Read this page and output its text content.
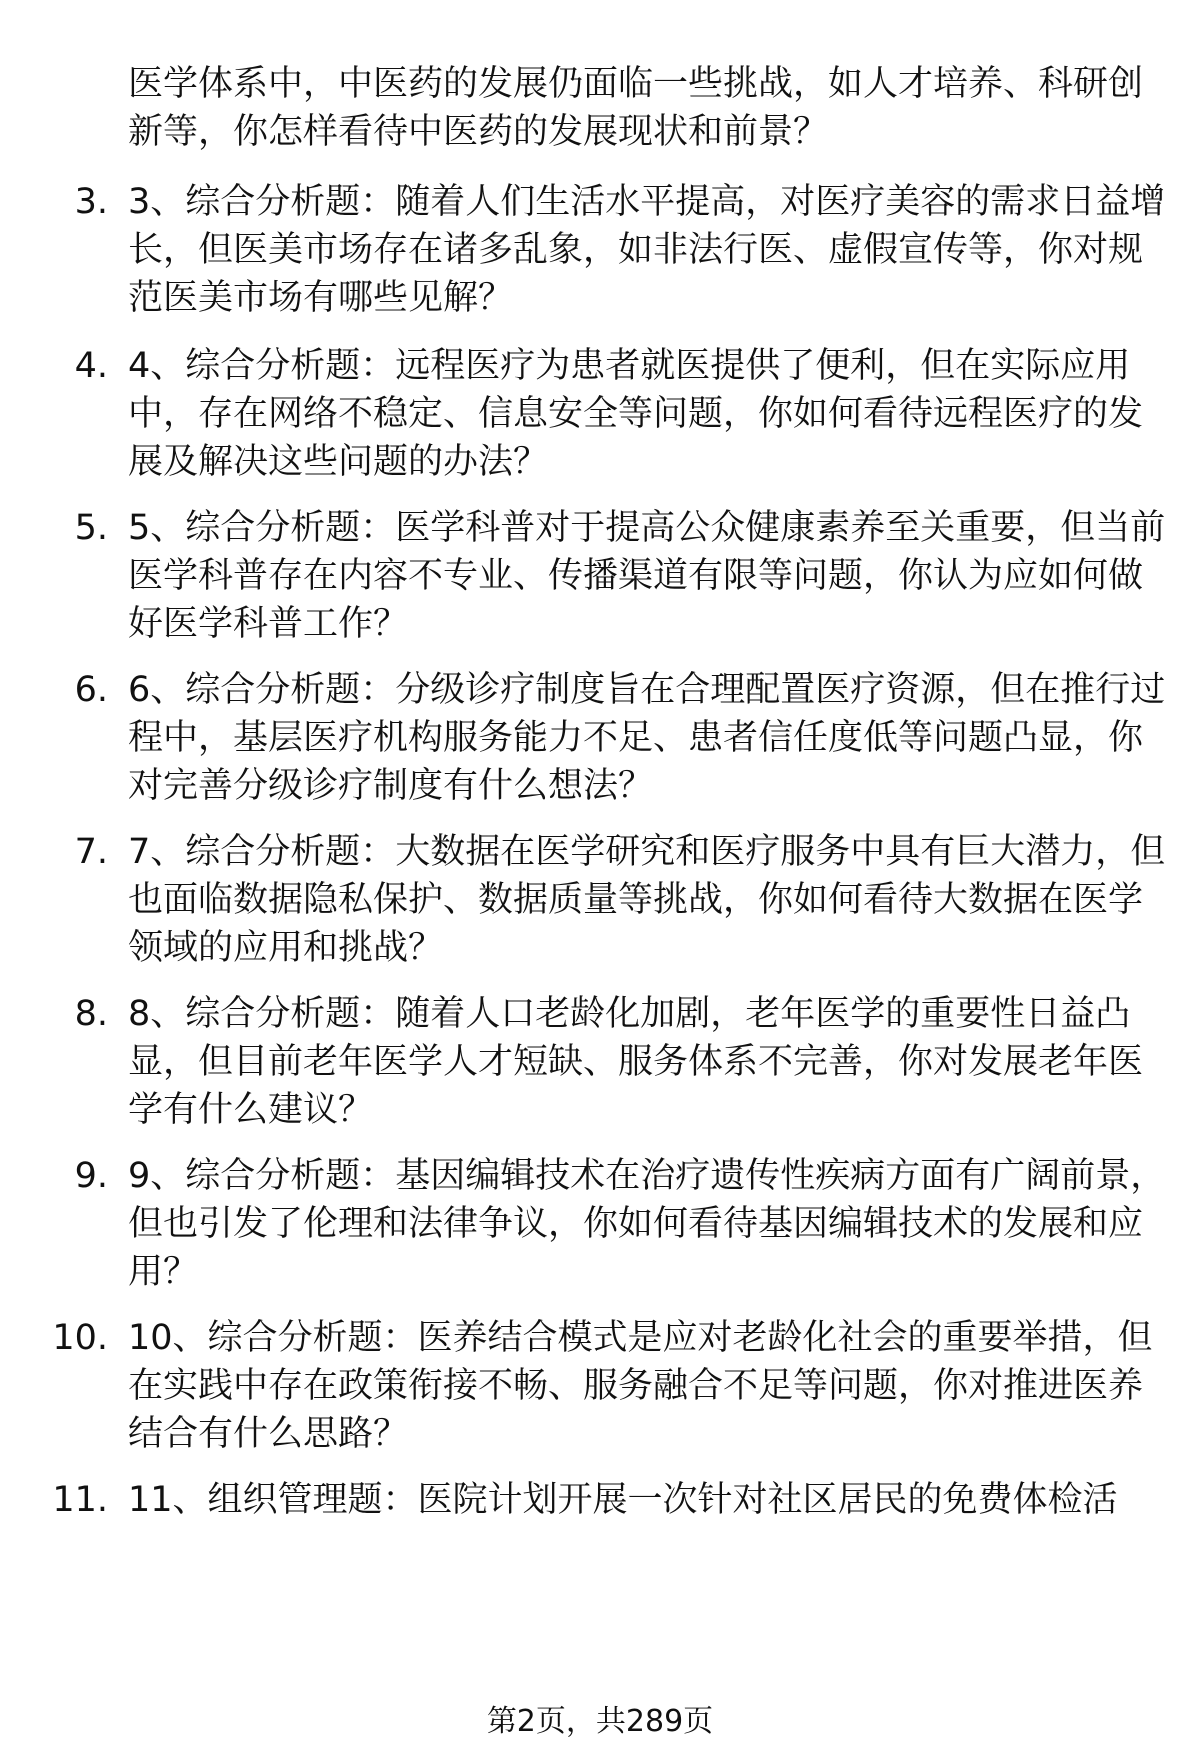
医学体系中，中医药的发展仍面临一些挑战，如人才培养、科研创新等，你怎样看待中医药的发展现状和前景？
3. 3、综合分析题：随着人们生活水平提高，对医疗美容的需求日益增长，但医美市场存在诸多乱象，如非法行医、虚假宣传等，你对规范医美市场有哪些见解？
4. 4、综合分析题：远程医疗为患者就医提供了便利，但在实际应用中，存在网络不稳定、信息安全等问题，你如何看待远程医疗的发展及解决这些问题的办法？
5. 5、综合分析题：医学科普对于提高公众健康素养至关重要，但当前医学科普存在内容不专业、传播渠道有限等问题，你认为应如何做好医学科普工作？
6. 6、综合分析题：分级诊疗制度旨在合理配置医疗资源，但在推行过程中，基层医疗机构服务能力不足、患者信任度低等问题凸显，你对完善分级诊疗制度有什么想法？
7. 7、综合分析题：大数据在医学研究和医疗服务中具有巨大潜力，但也面临数据隐私保护、数据质量等挑战，你如何看待大数据在医学领域的应用和挑战？
8. 8、综合分析题：随着人口老龄化加剧，老年医学的重要性日益凸显，但目前老年医学人才短缺、服务体系不完善，你对发展老年医学有什么建议？
9. 9、综合分析题：基因编辑技术在治疗遗传性疾病方面有广阔前景，但也引发了伦理和法律争议，你如何看待基因编辑技术的发展和应用？
10. 10、综合分析题：医养结合模式是应对老龄化社会的重要举措，但在实践中存在政策衔接不畅、服务融合不足等问题，你对推进医养结合有什么思路？
11. 11、组织管理题：医院计划开展一次针对社区居民的免费体检活
第2页，共289页
